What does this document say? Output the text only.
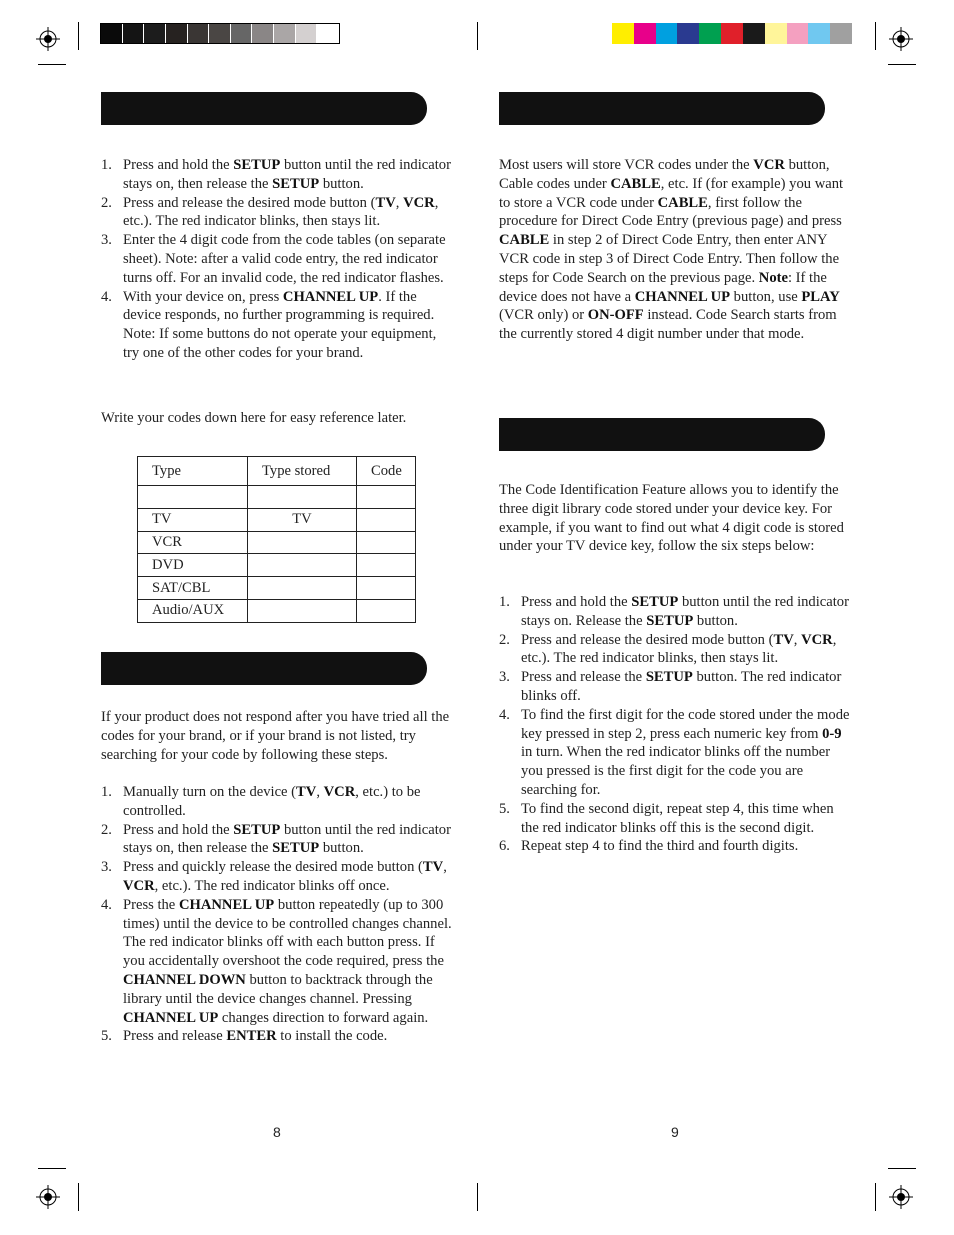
1. Press and hold the SETUP button until the red indicator stays on, then release the SETUP button.
2. Press and release the desired mode button (TV, VCR, etc.). The red indicator blinks, then stays lit.
3. Enter the 4 digit code from the code tables (on separate sheet). Note: after a valid code entry, the red indicator turns off. For an invalid code, the red indicator flashes.
4. With your device on, press CHANNEL UP. If the device responds, no further programming is required. Note: If some buttons do not operate your equipment, try one of the other codes for your brand.
Write your codes down here for easy reference later.
Type	Type stored	Code

TV	TV	
VCR		
DVD		
SAT/CBL		
Audio/AUX		
If your product does not respond after you have tried all the codes for your brand, or if your brand is not listed, try searching for your code by following these steps.
1. Manually turn on the device (TV, VCR, etc.) to be controlled.
2. Press and hold the SETUP button until the red indicator stays on, then release the SETUP button.
3. Press and quickly release the desired mode button (TV, VCR, etc.). The red indicator blinks off once.
4. Press the CHANNEL UP button repeatedly (up to 300 times) until the device to be controlled changes channel. The red indicator blinks off with each button press. If you accidentally overshoot the code required, press the CHANNEL DOWN button to backtrack through the library until the device changes channel. Pressing CHANNEL UP changes direction to forward again.
5. Press and release ENTER to install the code.
8

Most users will store VCR codes under the VCR button, Cable codes under CABLE, etc. If (for example) you want to store a VCR code under CABLE, first follow the procedure for Direct Code Entry (previous page) and press CABLE in step 2 of Direct Code Entry, then enter ANY VCR code in step 3 of Direct Code Entry. Then follow the steps for Code Search on the previous page. Note: If the device does not have a CHANNEL UP button, use PLAY (VCR only) or ON-OFF instead. Code Search starts from the currently stored 4 digit number under that mode.

The Code Identification Feature allows you to identify the three digit library code stored under your device key. For example, if you want to find out what 4 digit code is stored under your TV device key, follow the six steps below:
1. Press and hold the SETUP button until the red indicator stays on. Release the SETUP button.
2. Press and release the desired mode button (TV, VCR, etc.). The red indicator blinks, then stays lit.
3. Press and release the SETUP button. The red indicator blinks off.
4. To find the first digit for the code stored under the mode key pressed in step 2, press each numeric key from 0-9 in turn. When the red indicator blinks off the number you pressed is the first digit for the code you are searching for.
5. To find the second digit, repeat step 4, this time when the red indicator blinks off this is the second digit.
6. Repeat step 4 to find the third and fourth digits.
9
